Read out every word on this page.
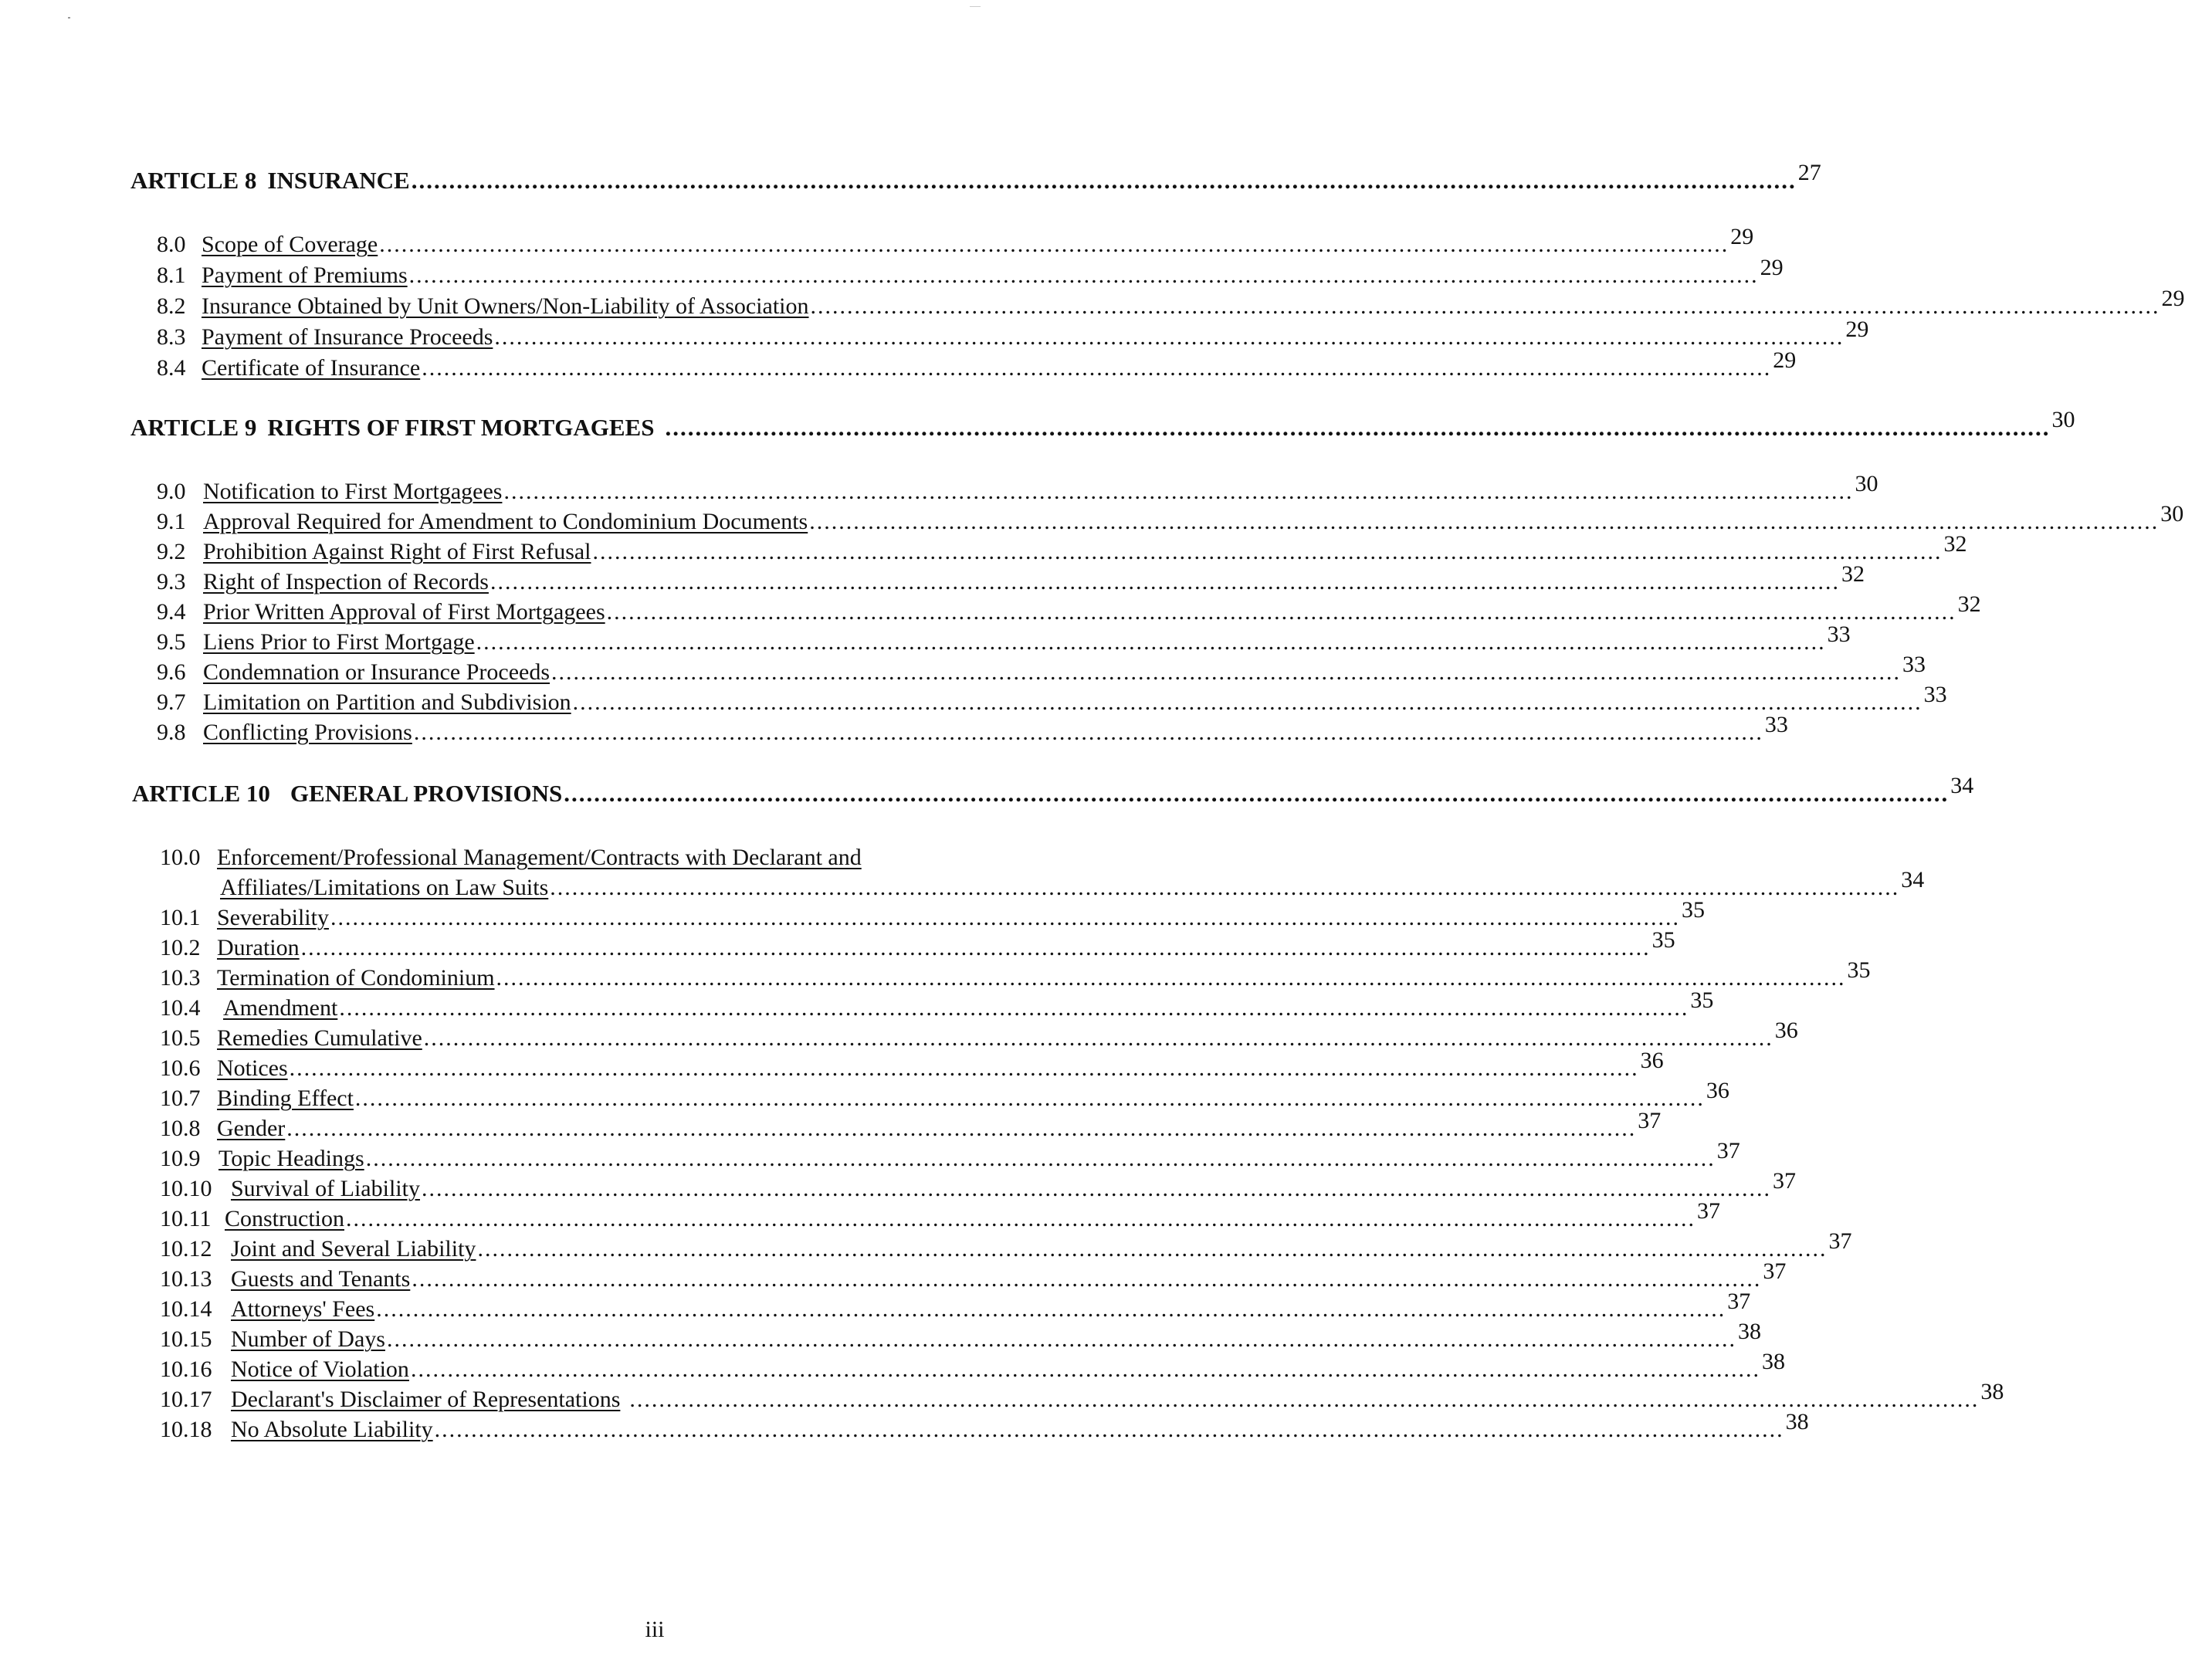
ARTICLE 8 INSURANCE ........................................................................................................................................................................................ 27
8.0 Scope of Coverage ........................................................................................................................................................................................ 29
8.1 Payment of Premiums ........................................................................................................................................................................................ 29
8.2 Insurance Obtained by Unit Owners/Non-Liability of Association ........................................................................................................................................................................................ 29
8.3 Payment of Insurance Proceeds ........................................................................................................................................................................................ 29
8.4 Certificate of Insurance ........................................................................................................................................................................................ 29
ARTICLE 9 RIGHTS OF FIRST MORTGAGEES ........................................................................................................................................................................................ 30
9.0 Notification to First Mortgagees ........................................................................................................................................................................................ 30
9.1 Approval Required for Amendment to Condominium Documents ........................................................................................................................................................................................ 30
9.2 Prohibition Against Right of First Refusal ........................................................................................................................................................................................ 32
9.3 Right of Inspection of Records ........................................................................................................................................................................................ 32
9.4 Prior Written Approval of First Mortgagees ........................................................................................................................................................................................ 32
9.5 Liens Prior to First Mortgage ........................................................................................................................................................................................ 33
9.6 Condemnation or Insurance Proceeds ........................................................................................................................................................................................ 33
9.7 Limitation on Partition and Subdivision ........................................................................................................................................................................................ 33
9.8 Conflicting Provisions ........................................................................................................................................................................................ 33
ARTICLE 10 GENERAL PROVISIONS ........................................................................................................................................................................................ 34
10.0 Enforcement/Professional Management/Contracts with Declarant and
Affiliates/Limitations on Law Suits ........................................................................................................................................................................................ 34
10.1 Severability ........................................................................................................................................................................................ 35
10.2 Duration ........................................................................................................................................................................................ 35
10.3 Termination of Condominium ........................................................................................................................................................................................ 35
10.4 Amendment ........................................................................................................................................................................................ 35
10.5 Remedies Cumulative ........................................................................................................................................................................................ 36
10.6 Notices ........................................................................................................................................................................................ 36
10.7 Binding Effect ........................................................................................................................................................................................ 36
10.8 Gender ........................................................................................................................................................................................ 37
10.9 Topic Headings ........................................................................................................................................................................................ 37
10.10 Survival of Liability ........................................................................................................................................................................................ 37
10.11 Construction ........................................................................................................................................................................................ 37
10.12 Joint and Several Liability ........................................................................................................................................................................................ 37
10.13 Guests and Tenants ........................................................................................................................................................................................ 37
10.14 Attorneys' Fees ........................................................................................................................................................................................ 37
10.15 Number of Days ........................................................................................................................................................................................ 38
10.16 Notice of Violation ........................................................................................................................................................................................ 38
10.17 Declarant's Disclaimer of Representations ........................................................................................................................................................................................ 38
10.18 No Absolute Liability ........................................................................................................................................................................................ 38
iii
